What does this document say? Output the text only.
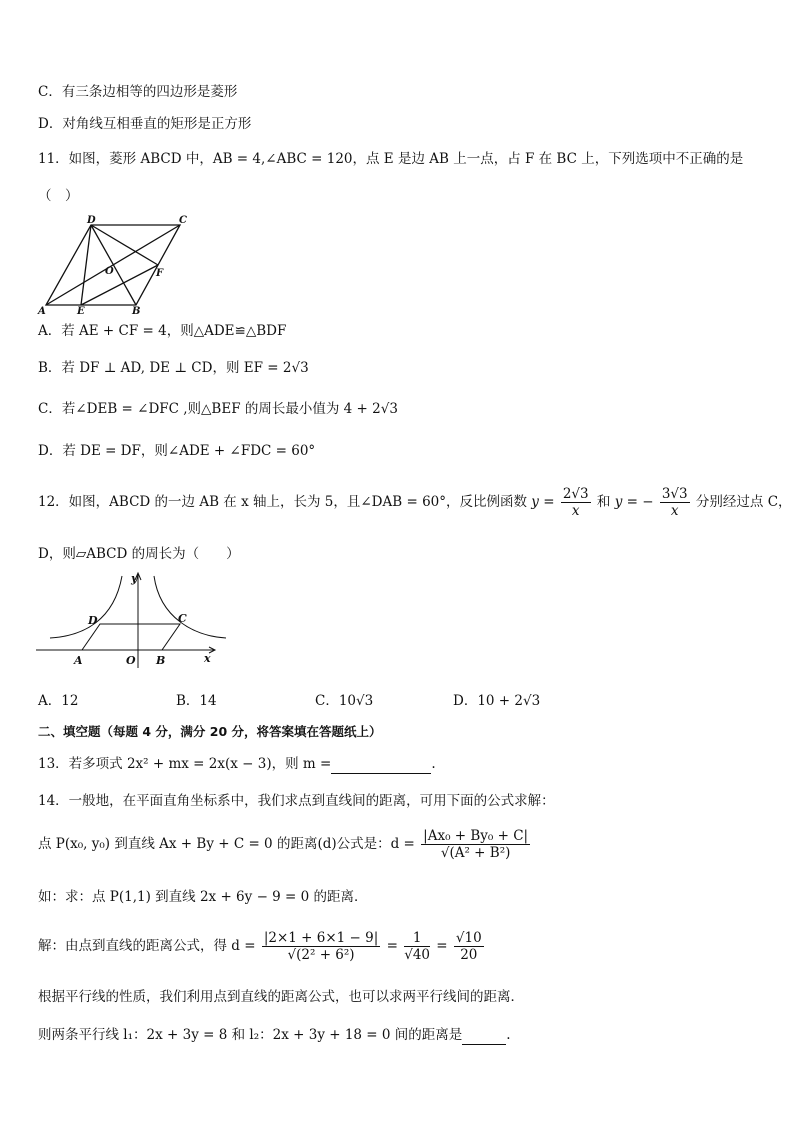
C．有三条边相等的四边形是菱形
D．对角线互相垂直的矩形是正方形
11．如图，菱形 ABCD 中，AB = 4,∠ABC = 120，点 E 是边 AB 上一点，占 F 在 BC 上，下列选项中不正确的是
（　）
D	C
O	F
A	E	B
A．若 AE + CF = 4，则△ADE≌△BDF
B．若 DF ⊥ AD, DE ⊥ CD，则 EF = 2√3
C．若∠DEB = ∠DFC ,则△BEF 的周长最小值为 4 + 2√3
D．若 DE = DF，则∠ADE + ∠FDC = 60°
12．如图，ABCD 的一边 AB 在 x 轴上，长为 5，且∠DAB = 60°，反比例函数 $y = \frac{2√3}{x}$ 和 y = − $\frac{3√3}{x}$ 分别经过点 C，
D，则▱ABCD 的周长为（　　）
y
D	C
A	O B	x
A．12	B．14	C．10√3	D．10 + 2√3
二、填空题（每题 4 分，满分 20 分，将答案填在答题纸上）
13．若多项式 2x² + mx = 2x(x − 3)，则 m =	.
14．一般地，在平面直角坐标系中，我们求点到直线间的距离，可用下面的公式求解：
点 P(x₀, y₀) 到直线 Ax + By + C = 0 的距离(d)公式是：$d = \frac{\text{|Ax₀ + By₀ + C|}}{\text{√(A² + B²)}}$
如：求：点 P(1,1) 到直线 2x + 6y − 9 = 0 的距离．
解：由点到直线的距离公式，得 $d = \frac{|2\times 1 + 6\times 1 - 9|}{\text{√(2² + 6²)}} = \frac{1}{√40} = \frac{√10}{20}$
根据平行线的性质，我们利用点到直线的距离公式，也可以求两平行线间的距离．
则两条平行线 l₁：2x + 3y = 8 和 l₂：2x + 3y + 18 = 0 间的距离是	.
